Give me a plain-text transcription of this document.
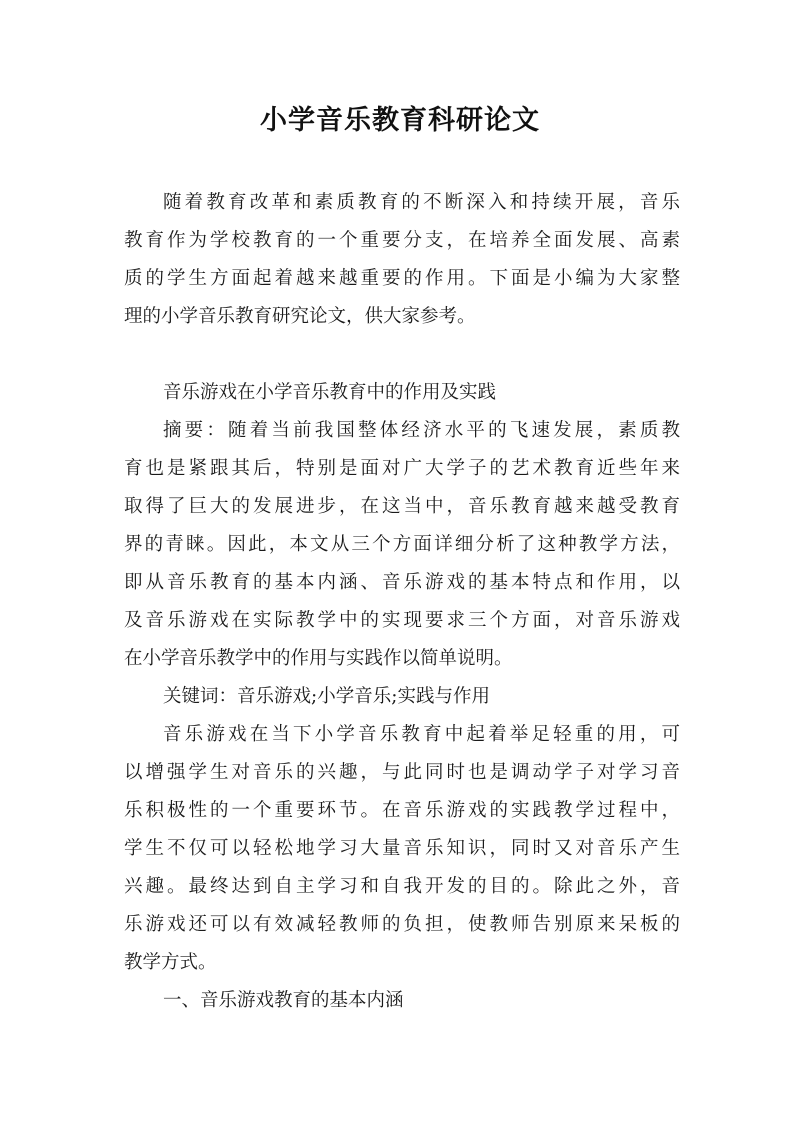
小学音乐教育科研论文

随着教育改革和素质教育的不断深入和持续开展，音乐

教育作为学校教育的一个重要分支，在培养全面发展、高素

质的学生方面起着越来越重要的作用。下面是小编为大家整

理的小学音乐教育研究论文，供大家参考。

音乐游戏在小学音乐教育中的作用及实践

摘要：随着当前我国整体经济水平的飞速发展，素质教

育也是紧跟其后，特别是面对广大学子的艺术教育近些年来

取得了巨大的发展进步，在这当中，音乐教育越来越受教育

界的青睐。因此，本文从三个方面详细分析了这种教学方法，

即从音乐教育的基本内涵、音乐游戏的基本特点和作用，以

及音乐游戏在实际教学中的实现要求三个方面，对音乐游戏

在小学音乐教学中的作用与实践作以简单说明。

关键词：音乐游戏;小学音乐;实践与作用

音乐游戏在当下小学音乐教育中起着举足轻重的用，可

以增强学生对音乐的兴趣，与此同时也是调动学子对学习音

乐积极性的一个重要环节。在音乐游戏的实践教学过程中，

学生不仅可以轻松地学习大量音乐知识，同时又对音乐产生

兴趣。最终达到自主学习和自我开发的目的。除此之外，音

乐游戏还可以有效减轻教师的负担，使教师告别原来呆板的

教学方式。

一、音乐游戏教育的基本内涵
